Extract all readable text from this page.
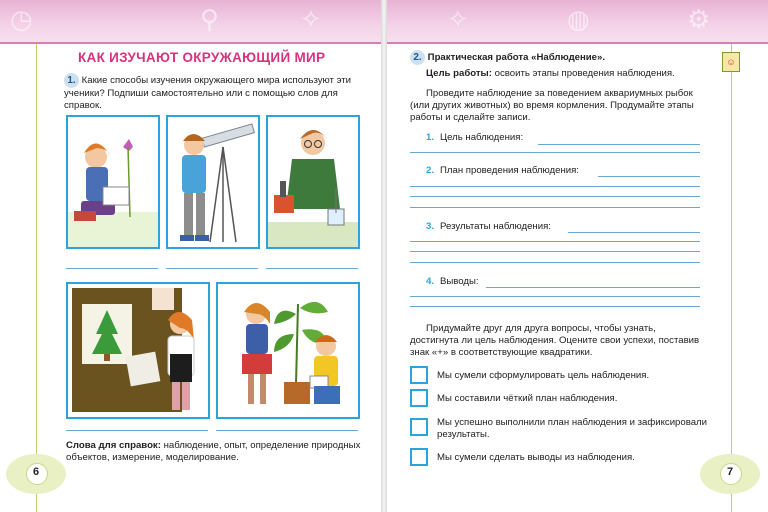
◷	⚲	✧
КАК ИЗУЧАЮТ ОКРУЖАЮЩИЙ МИР
1. Какие способы изучения окружающего мира используют эти ученики? Подпиши самостоятельно или с помощью слов для справок.
Слова для справок: наблюдение, опыт, определение природных объектов, измерение, моделирование.
6
✧	◍	⚙
☺
2. Практическая работа «Наблюдение».
Цель работы: освоить этапы проведения наблюдения.
Проведите наблюдение за поведением аквариумных рыбок (или других животных) во время кормления. Продумайте этапы работы и сделайте записи.
1. Цель наблюдения:
2. План проведения наблюдения:
3. Результаты наблюдения:
4. Выводы:
Придумайте друг для друга вопросы, чтобы узнать, достигнута ли цель наблюдения. Оцените свои успехи, поставив знак «+» в соответствующие квадратики.
Мы сумели сформулировать цель наблюдения.
Мы составили чёткий план наблюдения.
Мы успешно выполнили план наблюдения и зафиксировали результаты.
Мы сумели сделать выводы из наблюдения.
7
